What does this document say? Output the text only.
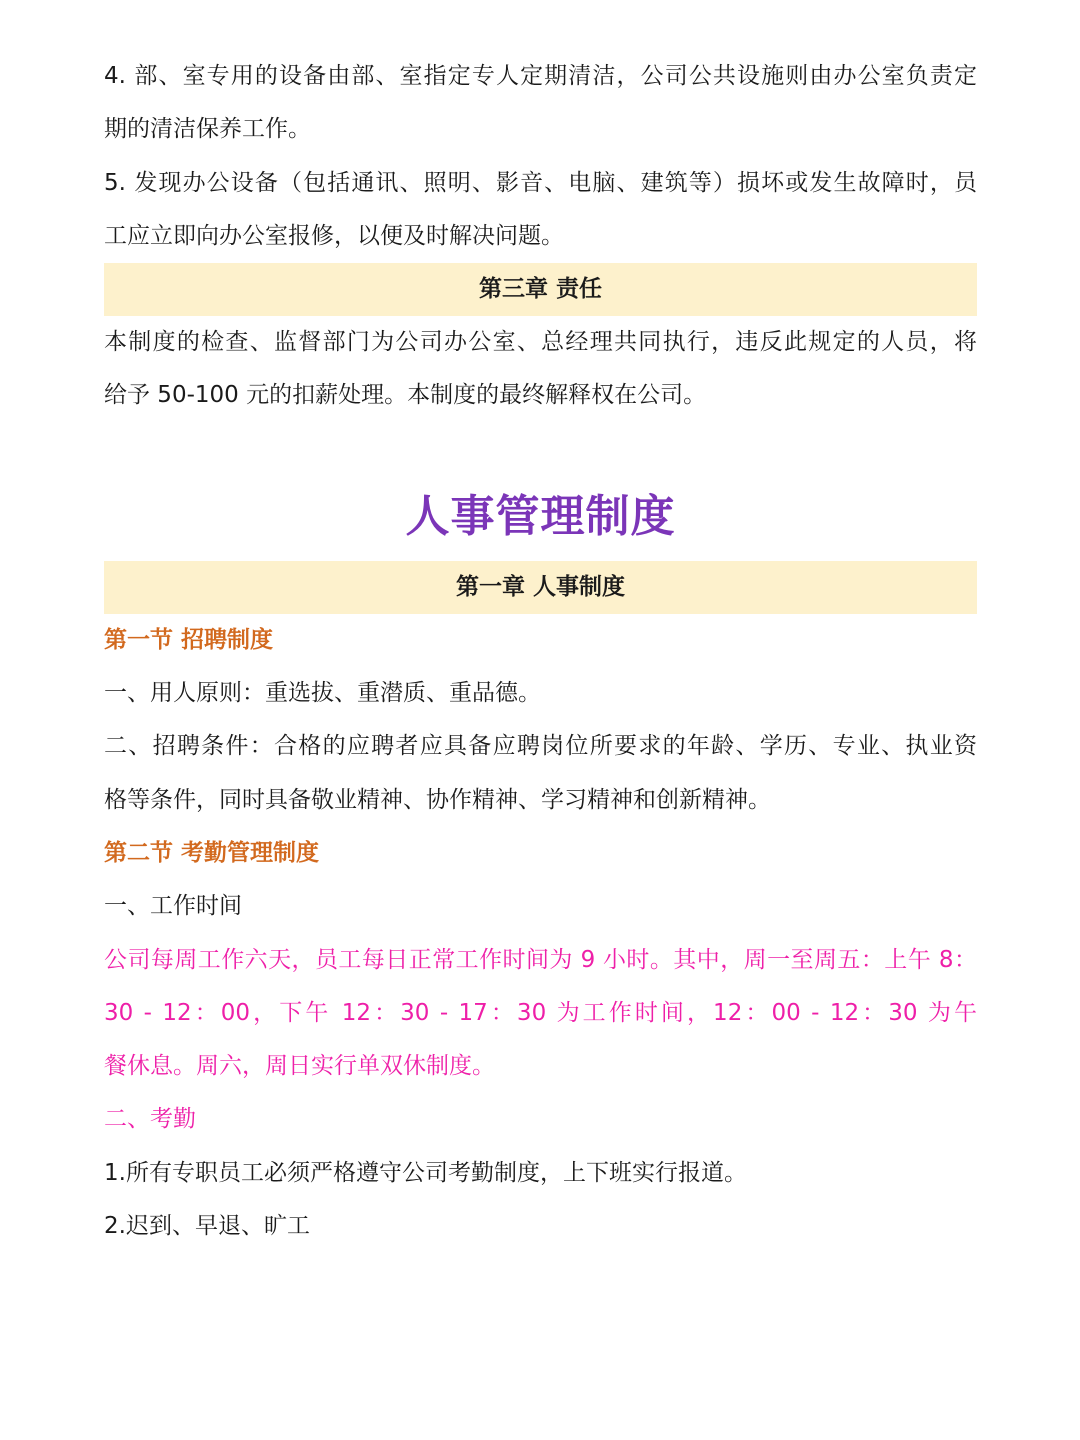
4. 部、室专用的设备由部、室指定专人定期清洁，公司公共设施则由办公室负责定
期的清洁保养工作。
5. 发现办公设备（包括通讯、照明、影音、电脑、建筑等）损坏或发生故障时，员
工应立即向办公室报修，以便及时解决问题。
第三章 责任
本制度的检查、监督部门为公司办公室、总经理共同执行，违反此规定的人员，将
给予 50-100 元的扣薪处理。本制度的最终解释权在公司。
人事管理制度
第一章 人事制度
第一节 招聘制度
一、用人原则：重选拔、重潜质、重品德。
二、招聘条件：合格的应聘者应具备应聘岗位所要求的年龄、学历、专业、执业资
格等条件，同时具备敬业精神、协作精神、学习精神和创新精神。
第二节 考勤管理制度
一、工作时间
公司每周工作六天，员工每日正常工作时间为 9 小时。其中，周一至周五：上午 8：
30 - 12：00，下午 12：30 - 17：30 为工作时间，12：00 - 12：30 为午
餐休息。周六，周日实行单双休制度。
二、考勤
1.所有专职员工必须严格遵守公司考勤制度，上下班实行报道。
2.迟到、早退、旷工
